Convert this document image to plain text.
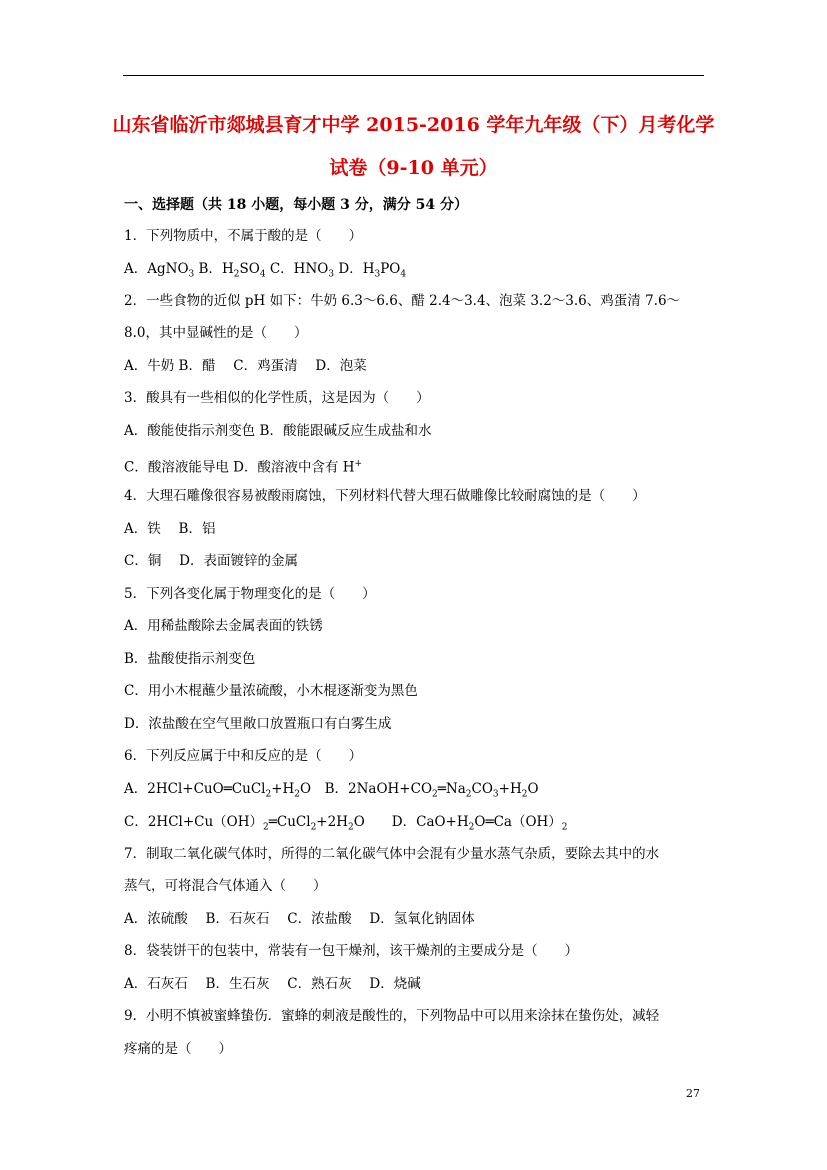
山东省临沂市郯城县育才中学 2015-2016 学年九年级（下）月考化学
试卷（9-10 单元）
一、选择题（共 18 小题，每小题 3 分，满分 54 分）
1．下列物质中，不属于酸的是（　　）
A．AgNO$_3$ B．$H_2SO_4$ C．$HNO_3$ D．$H_3PO_4$
2．一些食物的近似 pH 如下：牛奶 6.3～6.6、醋 2.4～3.4、泡菜 3.2～3.6、鸡蛋清 7.6～
8.0，其中显碱性的是（　　）
A．牛奶 B．醋　 C．鸡蛋清　 D．泡菜
3．酸具有一些相似的化学性质，这是因为（　　）
A．酸能使指示剂变色 B．酸能跟碱反应生成盐和水
C．酸溶液能导电 D．酸溶液中含有 H+
4．大理石雕像很容易被酸雨腐蚀，下列材料代替大理石做雕像比较耐腐蚀的是（　　）
A．铁　 B．铝
C．铜　 D．表面镀锌的金属
5．下列各变化属于物理变化的是（　　）
A．用稀盐酸除去金属表面的铁锈
B．盐酸使指示剂变色
C．用小木棍蘸少量浓硫酸，小木棍逐渐变为黑色
D．浓盐酸在空气里敞口放置瓶口有白雾生成
6．下列反应属于中和反应的是（　　）
A．$2HCl+CuO═CuCl_2+H_2O$　B．$2NaOH+CO_2═Na_2CO_3+H_2O$
C．$2HCl+Cu(OH)_2═CuCl_2+2H_2O$　　D．$CaO+H_2O═Ca(OH)_2$
7．制取二氧化碳气体时，所得的二氧化碳气体中会混有少量水蒸气杂质，要除去其中的水
蒸气，可将混合气体通入（　　）
A．浓硫酸　 B．石灰石　 C．浓盐酸　 D．氢氧化钠固体
8．袋装饼干的包装中，常装有一包干燥剂，该干燥剂的主要成分是（　　）
A．石灰石　 B．生石灰　 C．熟石灰　 D．烧碱
9．小明不慎被蜜蜂蛰伤．蜜蜂的刺液是酸性的，下列物品中可以用来涂抹在蛰伤处，减轻
疼痛的是（　　）
27
